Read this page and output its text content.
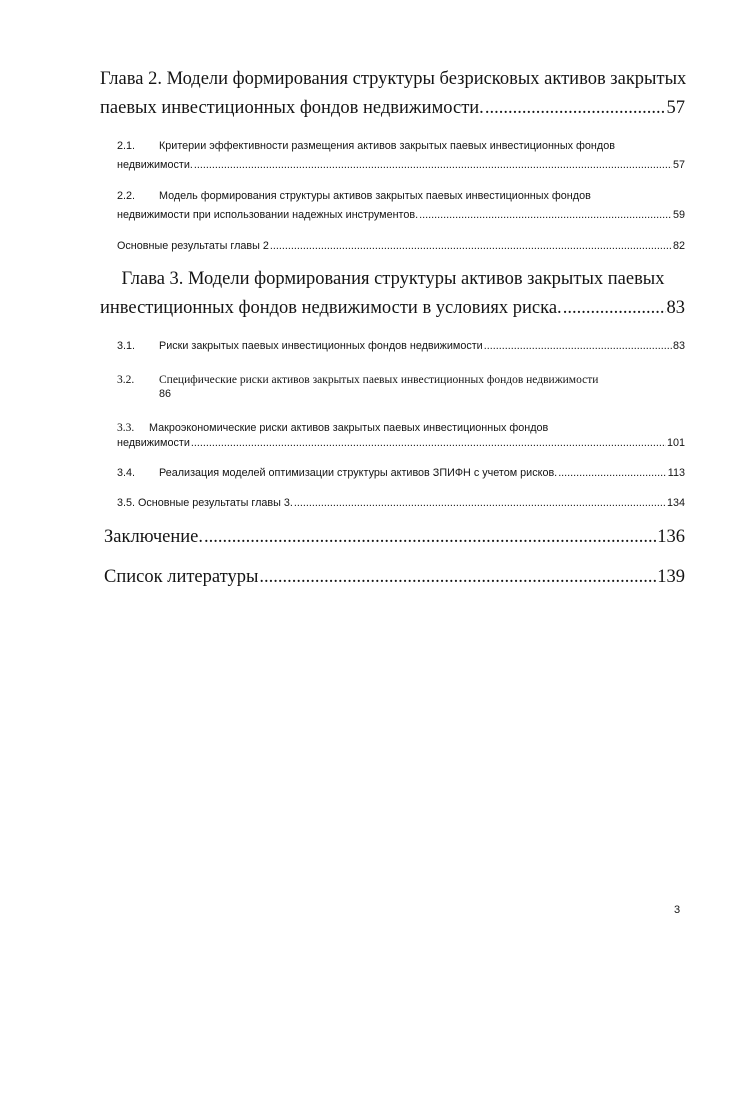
Глава 2. Модели формирования структуры безрисковых активов закрытых
паевых инвестиционных фондов недвижимости. .....	57
2.1. Критерии эффективности размещения активов закрытых паевых инвестиционных фондов
недвижимости. .....	57
2.2. Модель формирования структуры активов закрытых паевых инвестиционных фондов
недвижимости при использовании надежных инструментов. .....	59
Основные результаты главы 2 .....	82
Глава 3. Модели формирования структуры активов закрытых паевых
инвестиционных фондов недвижимости в условиях риска. .....	83
3.1. Риски закрытых паевых инвестиционных фондов недвижимости .....	83
3.2. Специфические риски активов закрытых паевых инвестиционных фондов недвижимости
86
3.3. Макроэкономические риски активов закрытых паевых инвестиционных фондов
недвижимости .....	101
3.4. Реализация моделей оптимизации структуры активов ЗПИФН с учетом рисков. .....	113
3.5. Основные результаты главы 3. .....	134
Заключение. .....	136
Список литературы .....	139
3
